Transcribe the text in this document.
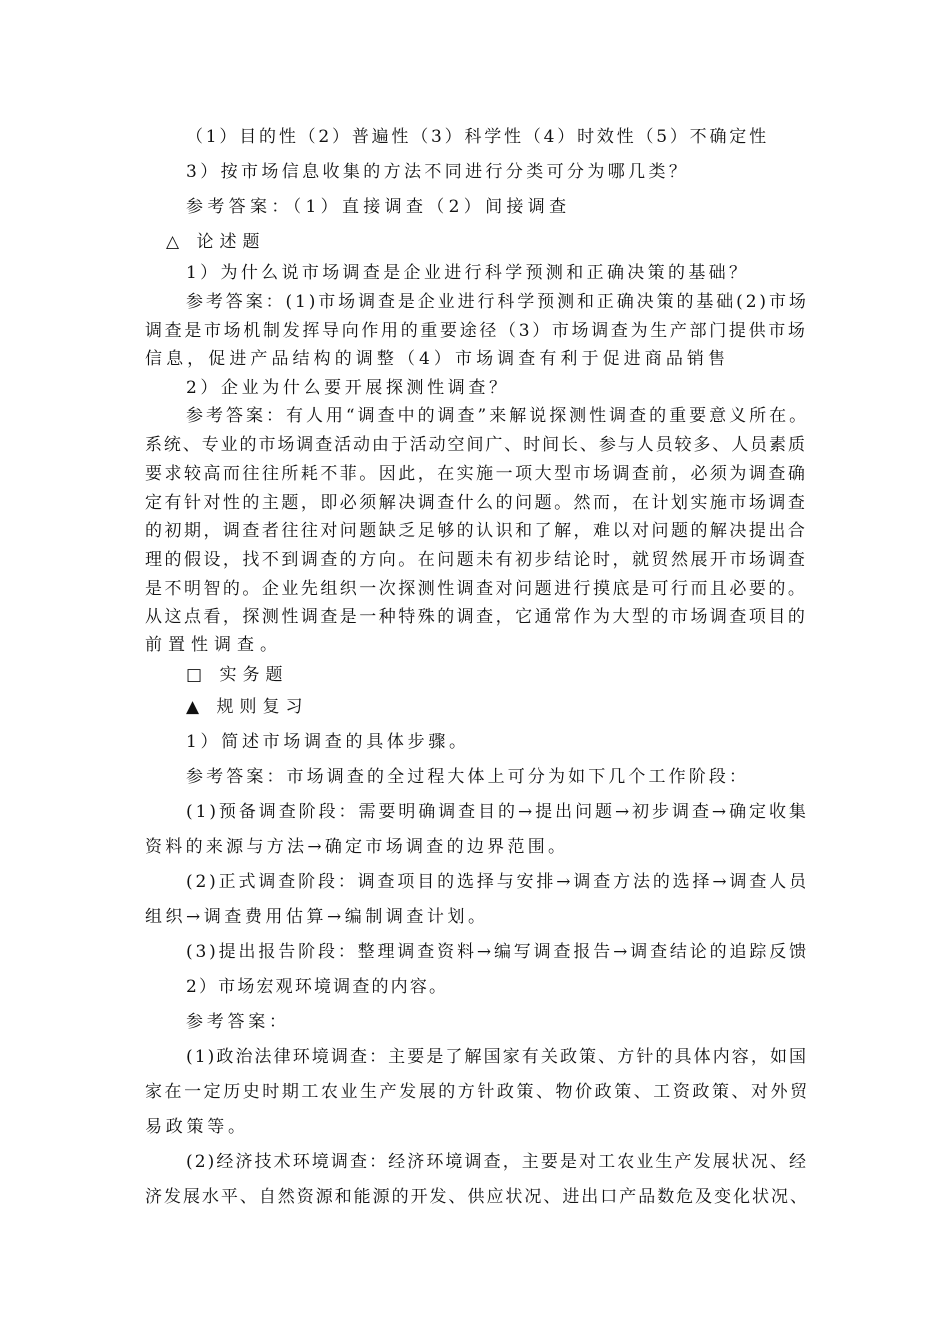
（1）目的性（2）普遍性（3）科学性（4）时效性（5）不确定性
3）按市场信息收集的方法不同进行分类可分为哪几类？
参考答案：（1）直接调查（2）间接调查
△ 论述题
1）为什么说市场调查是企业进行科学预测和正确决策的基础？
参考答案：(1)市场调查是企业进行科学预测和正确决策的基础(2)市场
调查是市场机制发挥导向作用的重要途径（3）市场调查为生产部门提供市场
信息，促进产品结构的调整（4）市场调查有利于促进商品销售
2）企业为什么要开展探测性调查？
参考答案：有人用“调查中的调查”来解说探测性调查的重要意义所在。
系统、专业的市场调查活动由于活动空间广、时间长、参与人员较多、人员素质
要求较高而往往所耗不菲。因此，在实施一项大型市场调查前，必须为调查确
定有针对性的主题，即必须解决调查什么的问题。然而，在计划实施市场调查
的初期，调查者往往对问题缺乏足够的认识和了解，难以对问题的解决提出合
理的假设，找不到调查的方向。在问题未有初步结论时，就贸然展开市场调查
是不明智的。企业先组织一次探测性调查对问题进行摸底是可行而且必要的。
从这点看，探测性调查是一种特殊的调查，它通常作为大型的市场调查项目的
前置性调查。
□ 实务题
▲ 规则复习
1）简述市场调查的具体步骤。
参考答案：市场调查的全过程大体上可分为如下几个工作阶段：
(1)预备调查阶段：需要明确调查目的→提出问题→初步调查→确定收集
资料的来源与方法→确定市场调查的边界范围。
(2)正式调查阶段：调查项目的选择与安排→调查方法的选择→调查人员
组织→调查费用估算→编制调查计划。
(3)提出报告阶段：整理调查资料→编写调查报告→调查结论的追踪反馈
2）市场宏观环境调查的内容。
参考答案：
(1)政治法律环境调查：主要是了解国家有关政策、方针的具体内容，如国
家在一定历史时期工农业生产发展的方针政策、物价政策、工资政策、对外贸
易政策等。
(2)经济技术环境调查：经济环境调查，主要是对工农业生产发展状况、经
济发展水平、自然资源和能源的开发、供应状况、进出口产品数危及变化状况、
